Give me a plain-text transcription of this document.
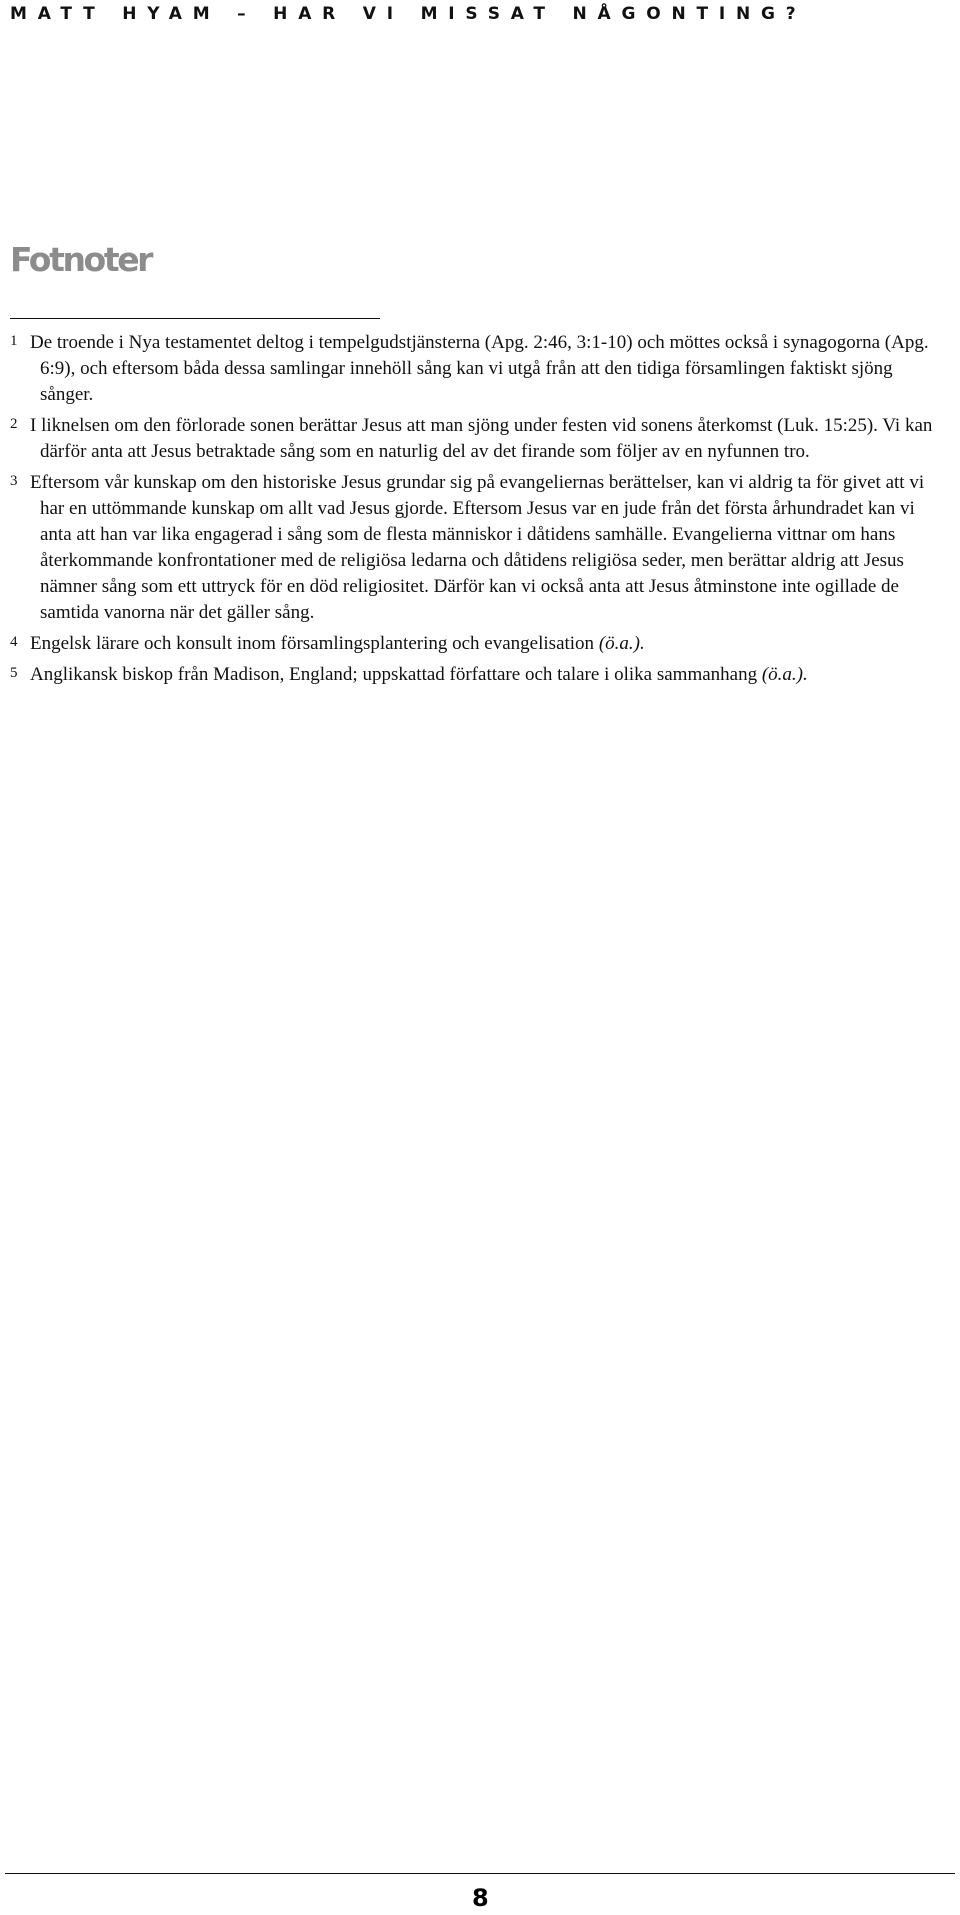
MATT HYAM – HAR VI MISSAT NÅGONTING?
Fotnoter

1 De troende i Nya testamentet deltog i tempelgudstjänsterna (Apg. 2:46, 3:1-10) och möttes också i synagogorna (Apg. 6:9), och eftersom båda dessa samlingar innehöll sång kan vi utgå från att den tidiga församlingen faktiskt sjöng sånger.

2 I liknelsen om den förlorade sonen berättar Jesus att man sjöng under festen vid sonens återkomst (Luk. 15:25). Vi kan därför anta att Jesus betraktade sång som en naturlig del av det firande som följer av en nyfunnen tro.

3 Eftersom vår kunskap om den historiske Jesus grundar sig på evangeliernas berättelser, kan vi aldrig ta för givet att vi har en uttömmande kunskap om allt vad Jesus gjorde. Eftersom Jesus var en jude från det första århundradet kan vi anta att han var lika engagerad i sång som de flesta människor i dåtidens samhälle. Evangelierna vittnar om hans återkommande konfrontationer med de religiösa ledarna och dåtidens religiösa seder, men berättar aldrig att Jesus nämner sång som ett uttryck för en död religiositet. Därför kan vi också anta att Jesus åtminstone inte ogillade de samtida vanorna när det gäller sång.

4 Engelsk lärare och konsult inom församlingsplantering och evangelisation (ö.a.).

5 Anglikansk biskop från Madison, England; uppskattad författare och talare i olika sammanhang (ö.a.).

8
